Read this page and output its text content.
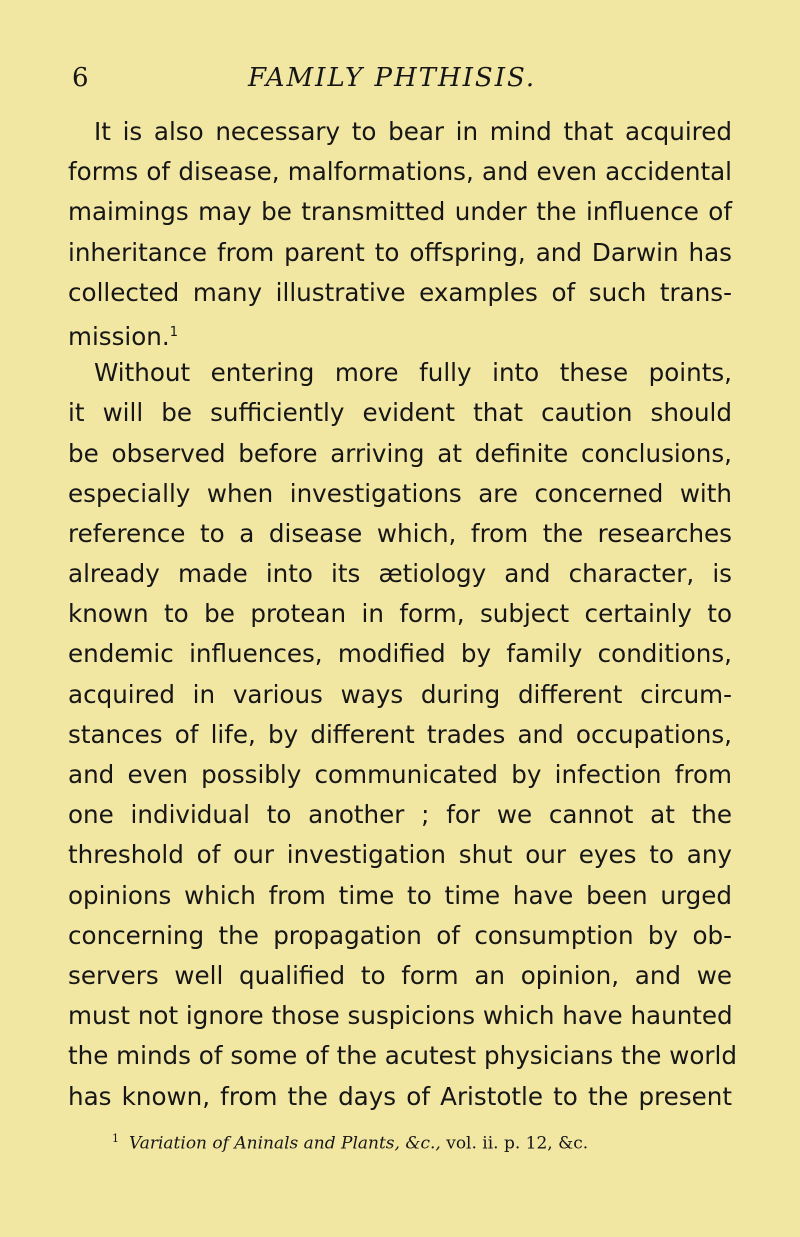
6	FAMILY PHTHISIS.
It is also necessary to bear in mind that acquired
forms of disease, malformations, and even accidental
maimings may be transmitted under the influence of
inheritance from parent to offspring, and Darwin has
collected many illustrative examples of such trans-
mission.$^1$
Without entering more fully into these points,
it will be sufficiently evident that caution should
be observed before arriving at definite conclusions,
especially when investigations are concerned with
reference to a disease which, from the researches
already made into its ætiology and character, is
known to be protean in form, subject certainly to
endemic influences, modified by family conditions,
acquired in various ways during different circum-
stances of life, by different trades and occupations,
and even possibly communicated by infection from
one individual to another ; for we cannot at the
threshold of our investigation shut our eyes to any
opinions which from time to time have been urged
concerning the propagation of consumption by ob-
servers well qualified to form an opinion, and we
must not ignore those suspicions which have haunted
the minds of some of the acutest physicians the world
has known, from the days of Aristotle to the present
$^1$ Variation of Aninals and Plants, &c., vol. ii. p. 12, &c.
